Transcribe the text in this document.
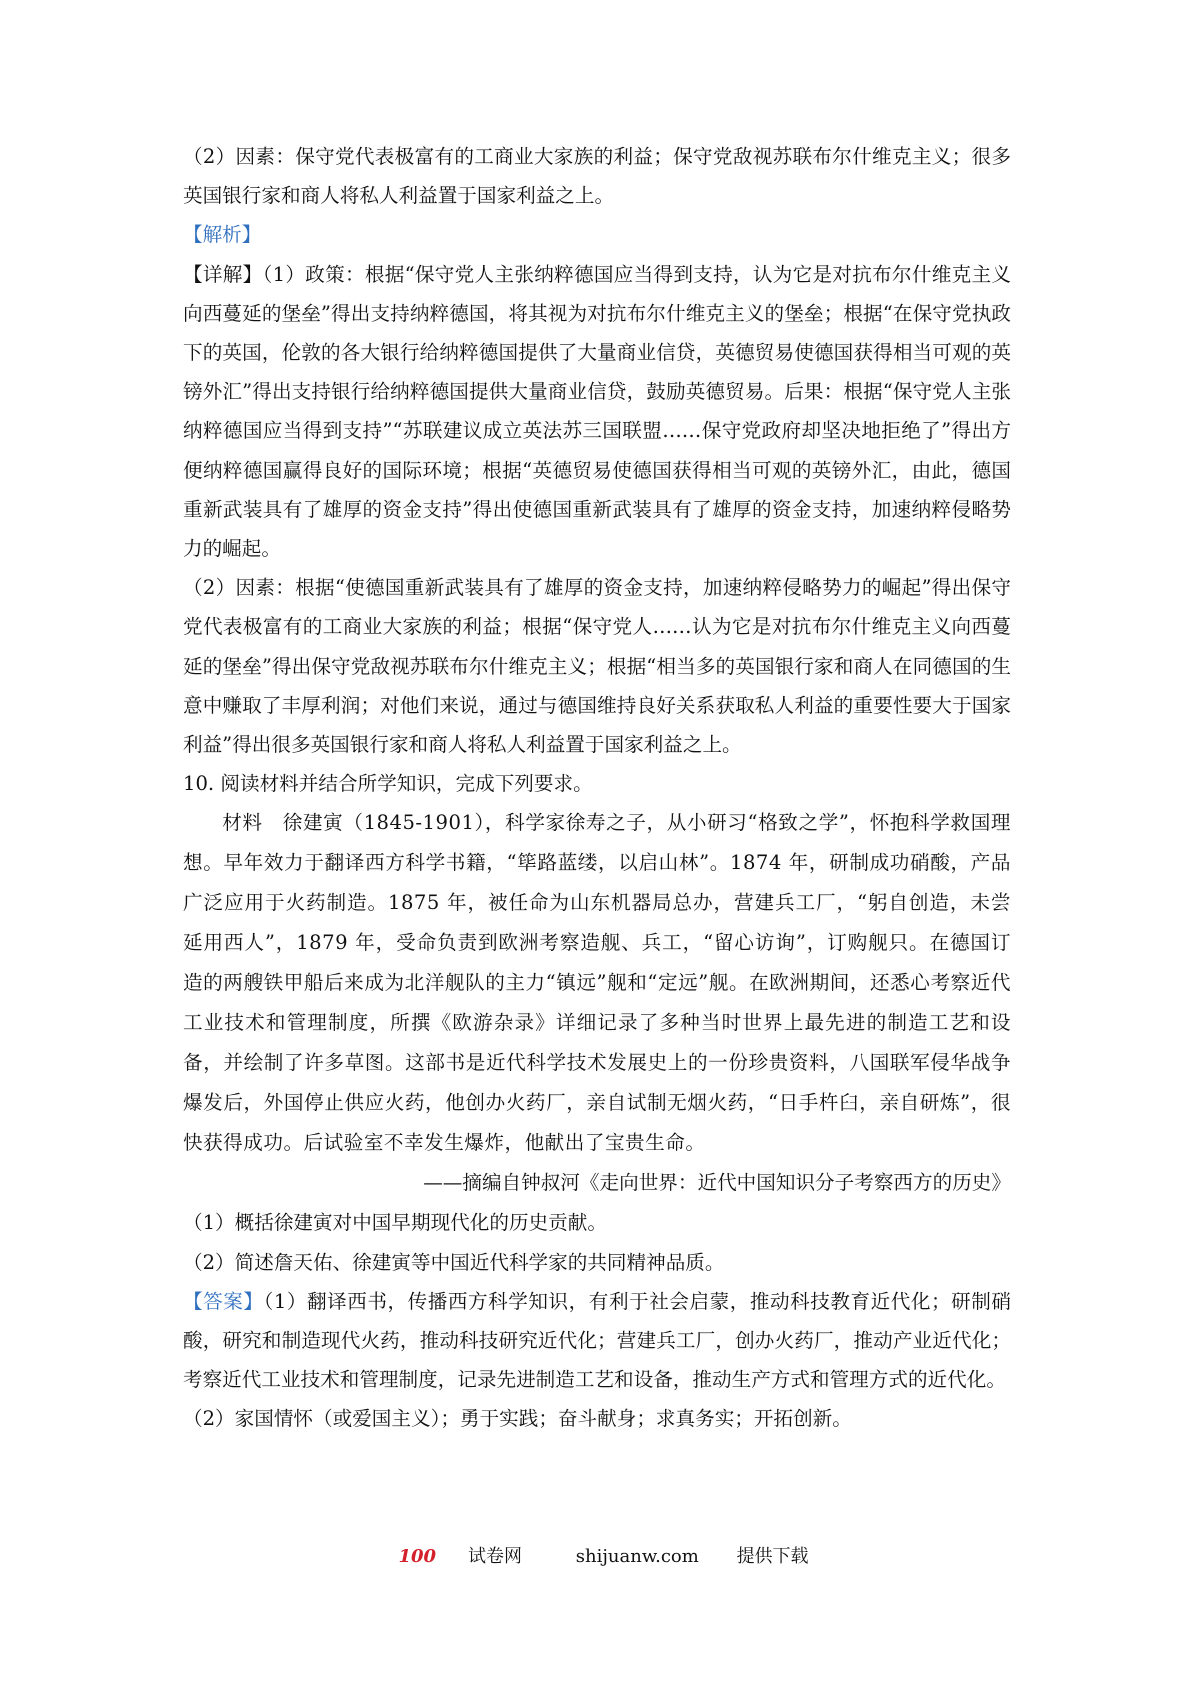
（2）因素：保守党代表极富有的工商业大家族的利益；保守党敌视苏联布尔什维克主义；很多英国银行家和商人将私人利益置于国家利益之上。

【解析】

【详解】（1）政策：根据“保守党人主张纳粹德国应当得到支持，认为它是对抗布尔什维克主义向西蔓延的堡垒”得出支持纳粹德国，将其视为对抗布尔什维克主义的堡垒；根据“在保守党执政下的英国，伦敦的各大银行给纳粹德国提供了大量商业信贷，英德贸易使德国获得相当可观的英镑外汇”得出支持银行给纳粹德国提供大量商业信贷，鼓励英德贸易。后果：根据“保守党人主张纳粹德国应当得到支持”“苏联建议成立英法苏三国联盟……保守党政府却坚决地拒绝了”得出方便纳粹德国赢得良好的国际环境；根据“英德贸易使德国获得相当可观的英镑外汇，由此，德国重新武装具有了雄厚的资金支持”得出使德国重新武装具有了雄厚的资金支持，加速纳粹侵略势力的崛起。

（2）因素：根据“使德国重新武装具有了雄厚的资金支持，加速纳粹侵略势力的崛起”得出保守党代表极富有的工商业大家族的利益；根据“保守党人……认为它是对抗布尔什维克主义向西蔓延的堡垒”得出保守党敌视苏联布尔什维克主义；根据“相当多的英国银行家和商人在同德国的生意中赚取了丰厚利润；对他们来说，通过与德国维持良好关系获取私人利益的重要性要大于国家利益”得出很多英国银行家和商人将私人利益置于国家利益之上。

10. 阅读材料并结合所学知识，完成下列要求。

材料　徐建寅（1845-1901），科学家徐寿之子，从小研习“格致之学”，怀抱科学救国理想。早年效力于翻译西方科学书籍，“筚路蓝缕，以启山林”。1874 年，研制成功硝酸，产品广泛应用于火药制造。1875 年，被任命为山东机器局总办，营建兵工厂，“躬自创造，未尝延用西人”，1879 年，受命负责到欧洲考察造舰、兵工，“留心访询”，订购舰只。在德国订造的两艘铁甲船后来成为北洋舰队的主力“镇远”舰和“定远”舰。在欧洲期间，还悉心考察近代工业技术和管理制度，所撰《欧游杂录》详细记录了多种当时世界上最先进的制造工艺和设备，并绘制了许多草图。这部书是近代科学技术发展史上的一份珍贵资料，八国联军侵华战争爆发后，外国停止供应火药，他创办火药厂，亲自试制无烟火药，“日手杵臼，亲自研炼”，很快获得成功。后试验室不幸发生爆炸，他献出了宝贵生命。

——摘编自钟叔河《走向世界：近代中国知识分子考察西方的历史》

（1）概括徐建寅对中国早期现代化的历史贡献。

（2）简述詹天佑、徐建寅等中国近代科学家的共同精神品质。

【答案】（1）翻译西书，传播西方科学知识，有利于社会启蒙，推动科技教育近代化；研制硝酸，研究和制造现代火药，推动科技研究近代化；营建兵工厂，创办火药厂，推动产业近代化；考察近代工业技术和管理制度，记录先进制造工艺和设备，推动生产方式和管理方式的近代化。

（2）家国情怀（或爱国主义）；勇于实践；奋斗献身；求真务实；开拓创新。

100 试卷网	shijuanw.com 提供下载
